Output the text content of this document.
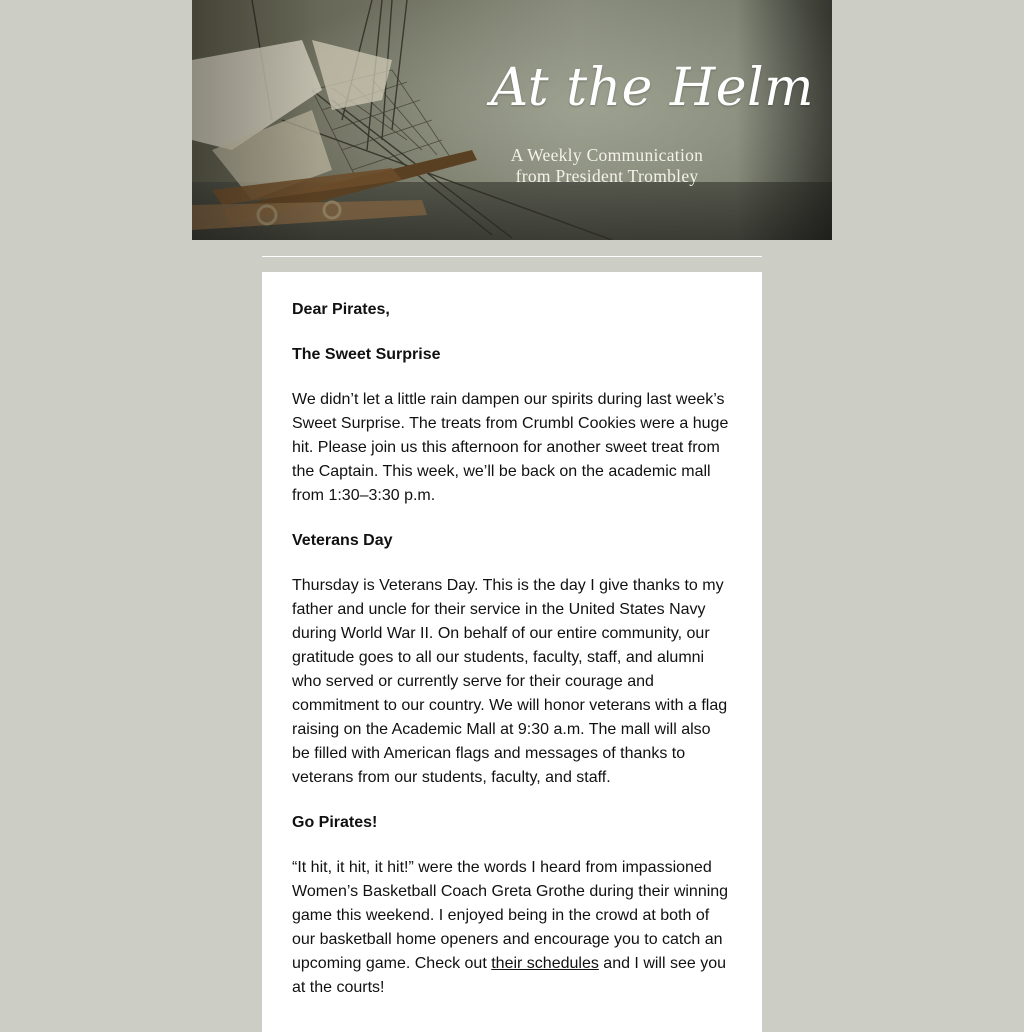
At the Helm
A Weekly Communication
from President Trombley

Dear Pirates,

The Sweet Surprise

We didn’t let a little rain dampen our spirits during last week’s Sweet Surprise. The treats from Crumbl Cookies were a huge hit. Please join us this afternoon for another sweet treat from the Captain. This week, we’ll be back on the academic mall from 1:30–3:30 p.m.

Veterans Day

Thursday is Veterans Day. This is the day I give thanks to my father and uncle for their service in the United States Navy during World War II. On behalf of our entire community, our gratitude goes to all our students, faculty, staff, and alumni who served or currently serve for their courage and commitment to our country. We will honor veterans with a flag raising on the Academic Mall at 9:30 a.m. The mall will also be filled with American flags and messages of thanks to veterans from our students, faculty, and staff.

Go Pirates!

“It hit, it hit, it hit!” were the words I heard from impassioned Women’s Basketball Coach Greta Grothe during their winning game this weekend. I enjoyed being in the crowd at both of our basketball home openers and encourage you to catch an upcoming game. Check out their schedules and I will see you at the courts!
